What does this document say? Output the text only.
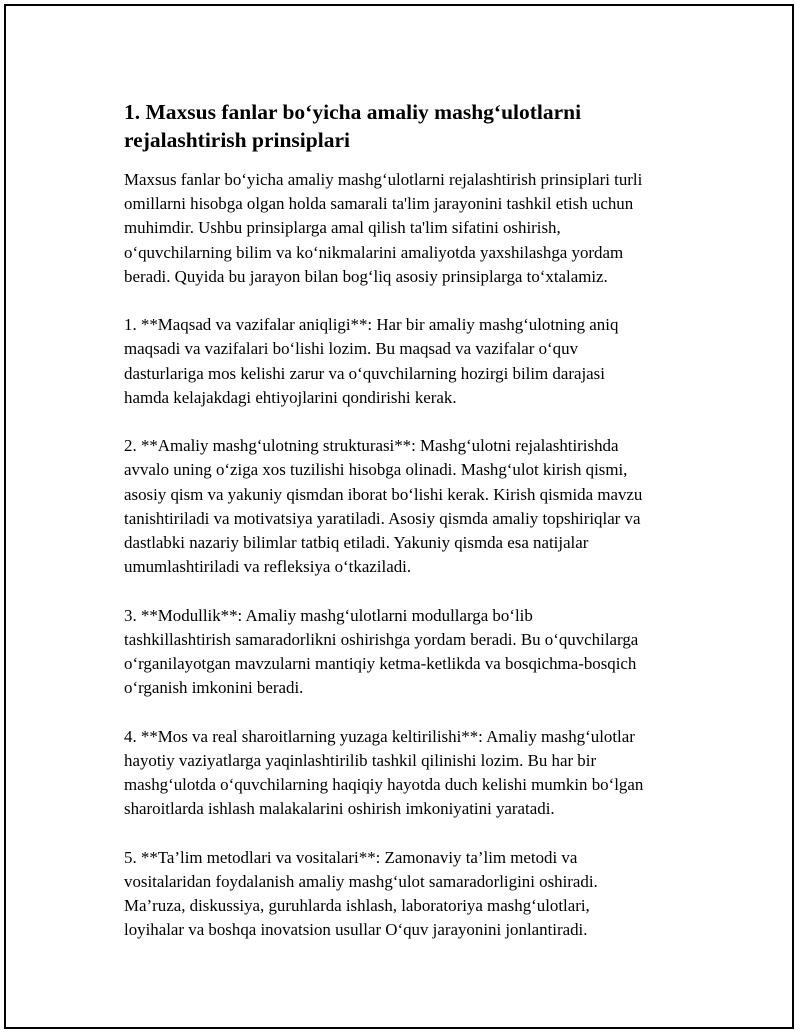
1. Maxsus fanlar boʻyicha amaliy mashgʻulotlarni
rejalashtirish prinsiplari

Maxsus fanlar boʻyicha amaliy mashgʻulotlarni rejalashtirish prinsiplari turli
omillarni hisobga olgan holda samarali ta'lim jarayonini tashkil etish uchun
muhimdir. Ushbu prinsiplarga amal qilish ta'lim sifatini oshirish,
oʻquvchilarning bilim va koʻnikmalarini amaliyotda yaxshilashga yordam
beradi. Quyida bu jarayon bilan bogʻliq asosiy prinsiplarga toʻxtalamiz.

1. **Maqsad va vazifalar aniqligi**: Har bir amaliy mashgʻulotning aniq
maqsadi va vazifalari boʻlishi lozim. Bu maqsad va vazifalar oʻquv
dasturlariga mos kelishi zarur va oʻquvchilarning hozirgi bilim darajasi
hamda kelajakdagi ehtiyojlarini qondirishi kerak.

2. **Amaliy mashgʻulotning strukturasi**: Mashgʻulotni rejalashtirishda
avvalo uning oʻziga xos tuzilishi hisobga olinadi. Mashgʻulot kirish qismi,
asosiy qism va yakuniy qismdan iborat boʻlishi kerak. Kirish qismida mavzu
tanishtiriladi va motivatsiya yaratiladi. Asosiy qismda amaliy topshiriqlar va
dastlabki nazariy bilimlar tatbiq etiladi. Yakuniy qismda esa natijalar
umumlashtiriladi va refleksiya oʻtkaziladi.

3. **Modullik**: Amaliy mashgʻulotlarni modullarga boʻlib
tashkillashtirish samaradorlikni oshirishga yordam beradi. Bu oʻquvchilarga
oʻrganilayotgan mavzularni mantiqiy ketma-ketlikda va bosqichma-bosqich
oʻrganish imkonini beradi.

4. **Mos va real sharoitlarning yuzaga keltirilishi**: Amaliy mashgʻulotlar
hayotiy vaziyatlarga yaqinlashtirilib tashkil qilinishi lozim. Bu har bir
mashgʻulotda oʻquvchilarning haqiqiy hayotda duch kelishi mumkin boʻlgan
sharoitlarda ishlash malakalarini oshirish imkoniyatini yaratadi.

5. **Ta’lim metodlari va vositalari**: Zamonaviy ta’lim metodi va
vositalaridan foydalanish amaliy mashgʻulot samaradorligini oshiradi.
Ma’ruza, diskussiya, guruhlarda ishlash, laboratoriya mashgʻulotlari,
loyihalar va boshqa inovatsion usullar Oʻquv jarayonini jonlantiradi.
